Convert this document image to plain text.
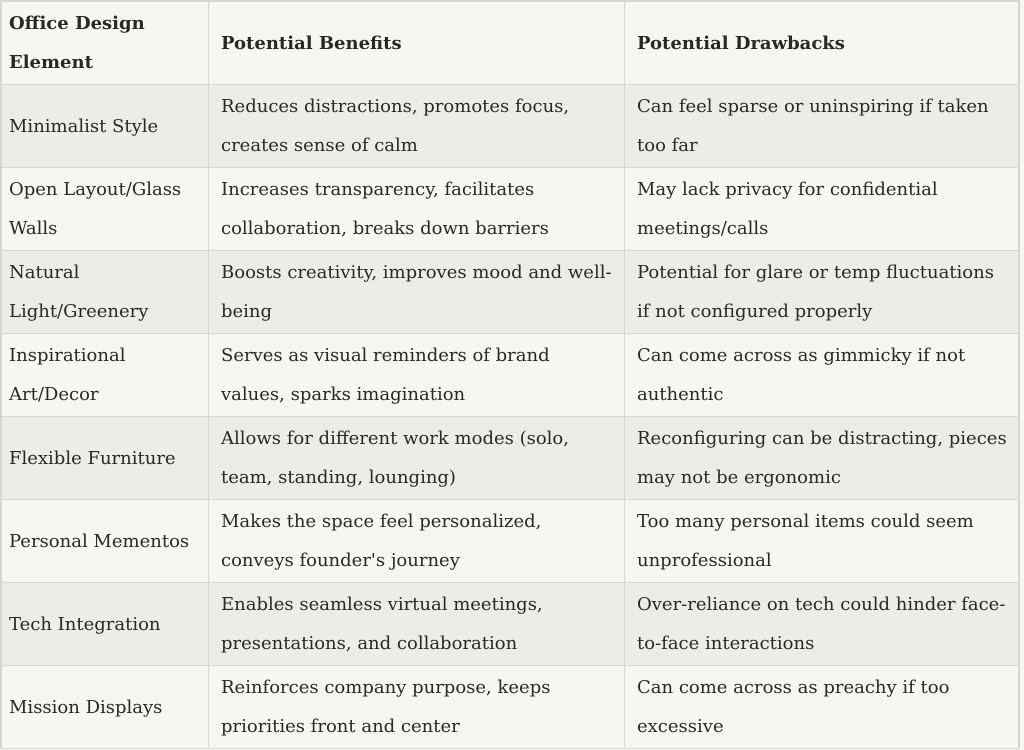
Office Design Element	Potential Benefits	Potential Drawbacks
Minimalist Style	Reduces distractions, promotes focus, creates sense of calm	Can feel sparse or uninspiring if taken too far
Open Layout/Glass Walls	Increases transparency, facilitates collaboration, breaks down barriers	May lack privacy for confidential meetings/calls
Natural Light/Greenery	Boosts creativity, improves mood and well-being	Potential for glare or temp fluctuations if not configured properly
Inspirational Art/Decor	Serves as visual reminders of brand values, sparks imagination	Can come across as gimmicky if not authentic
Flexible Furniture	Allows for different work modes (solo, team, standing, lounging)	Reconfiguring can be distracting, pieces may not be ergonomic
Personal Mementos	Makes the space feel personalized, conveys founder's journey	Too many personal items could seem unprofessional
Tech Integration	Enables seamless virtual meetings, presentations, and collaboration	Over-reliance on tech could hinder face-to-face interactions
Mission Displays	Reinforces company purpose, keeps priorities front and center	Can come across as preachy if too excessive
